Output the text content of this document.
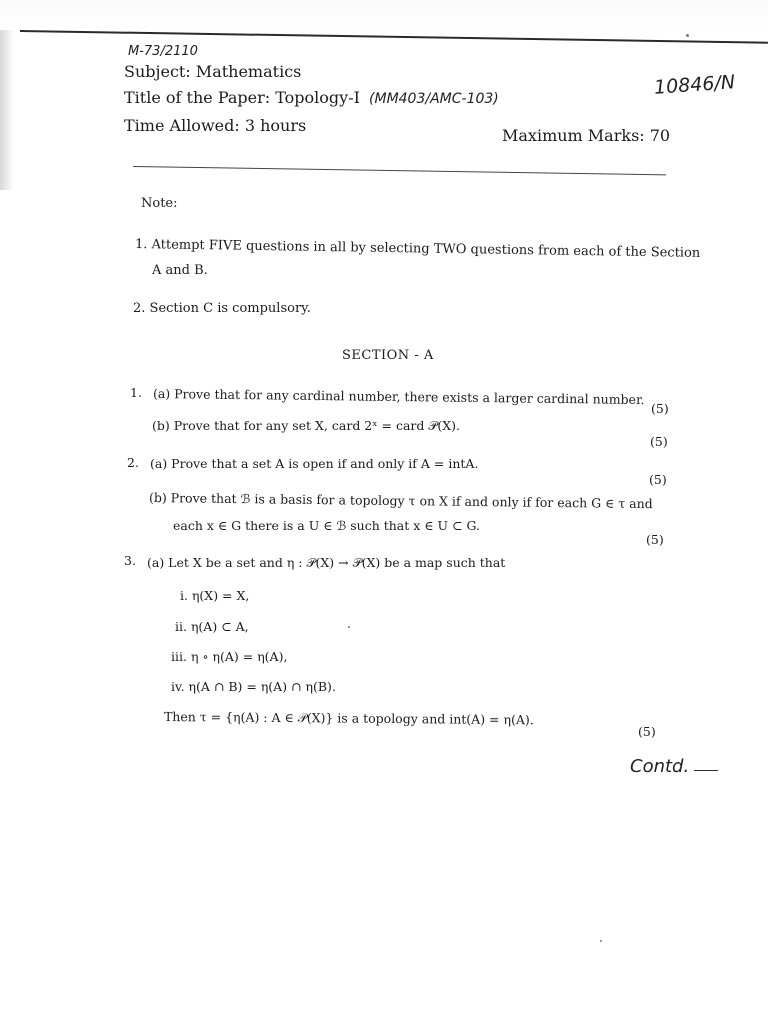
M-73/2110
Subject: Mathematics
Title of the Paper: Topology-I (MM403/AMC-103)
10846/N
Time Allowed: 3 hours
Maximum Marks: 70
Note:
1. Attempt FIVE questions in all by selecting TWO questions from each of the Section
A and B.
2. Section C is compulsory.
SECTION - A
1. (a) Prove that for any cardinal number, there exists a larger cardinal number.
(5)
(b) Prove that for any set X, card 2ˣ = card 𝒫(X).
(5)
2. (a) Prove that a set A is open if and only if A = intA.
(5)
(b) Prove that ℬ is a basis for a topology τ on X if and only if for each G ∈ τ and
each x ∈ G there is a U ∈ ℬ such that x ∈ U ⊂ G.
(5)
3. (a) Let X be a set and η : 𝒫(X) → 𝒫(X) be a map such that
i. η(X) = X,
ii. η(A) ⊂ A,
iii. η ∘ η(A) = η(A),
iv. η(A ∩ B) = η(A) ∩ η(B).
Then τ = {η(A) : A ∈ 𝒫(X)} is a topology and int(A) = η(A).
(5)
Contd.
